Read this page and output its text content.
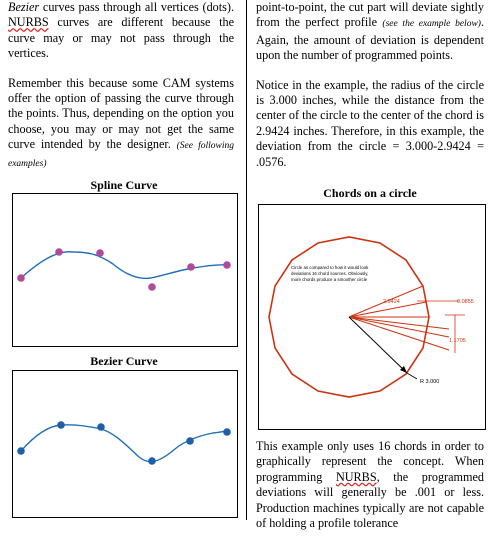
Bezier curves pass through all vertices (dots). NURBS curves are different because the curve may or may not pass through the vertices.

Remember this because some CAM systems offer the option of passing the curve through the points. Thus, depending on the option you choose, you may or may not get the same curve intended by the designer. (See following examples)

Spline Curve

Bezier Curve

point-to-point, the cut part will deviate sightly from the perfect profile (see the example below). Again, the amount of deviation is dependent upon the number of programmed points.

Notice in the example, the radius of the circle is 3.000 inches, while the distance from the center of the circle to the center of the chord is 2.9424 inches. Therefore, in this example, the deviation from the circle = 3.000-2.9424 = .0576.

Chords on a circle

Circle as compared to how it would look
deviations 16 chord sources. Obviously,
more chords produce a smoother circle
2.9424	0.0855
1.1705
R 3.000

This example only uses 16 chords in order to graphically represent the concept. When programming NURBS, the programmed deviations will generally be .001 or less. Production machines typically are not capable of holding a profile tolerance
